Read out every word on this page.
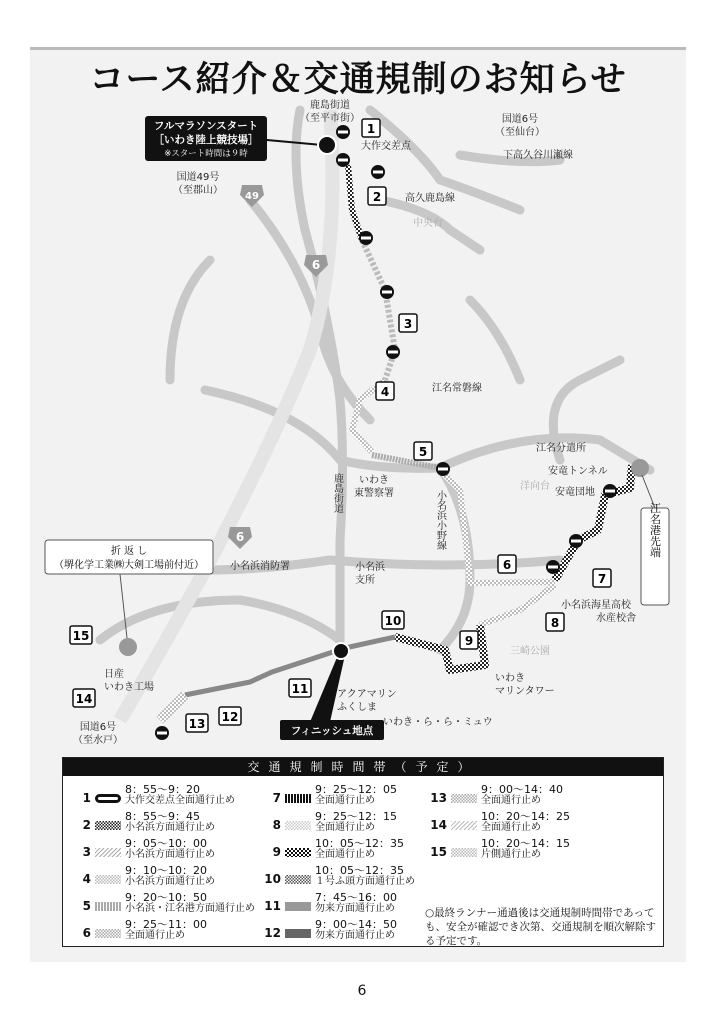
コース紹介＆交通規制のお知らせ
49
6
6
フルマラソンスタート
［いわき陸上競技場］
※スタート時間は９時
フィニッシュ地点
折 返 し
（堺化学工業㈱大剣工場前付近）
江名港先端
1
2
3
4
5
6
7
8
9
10
11
12
13
14
15
鹿島街道
（至平市街）	国道6号
（至仙台）
国道49号
（至郡山）
大作交差点
下高久谷川瀬線
高久鹿島線
中央台
江名常磐線
いわき
東警察署
鹿島街道	小名浜小野線
江名分遣所
安竜トンネル
安竜団地
洋向台
小名浜消防署	小名浜
支所
小名浜海星高校
水産校舎
三崎公園
いわき
マリンタワー
アクアマリン
ふくしま
いわき・ら・ら・ミュウ
日産
いわき工場
国道6号
（至水戸）
交通規制時間帯（予定）
1
8：55〜9：20
大作交差点全面通行止め
2
8：55〜9：45
小名浜方面通行止め
3
9：05〜10：00
小名浜方面通行止め
4
9：10〜10：20
小名浜方面通行止め
5
9：20〜10：50
小名浜・江名港方面通行止め
6
9：25〜11：00
全面通行止め
7
9：25〜12：05
全面通行止め
8
9：25〜12：15
全面通行止め
9
10：05〜12：35
全面通行止め
10
10：05〜12：35
１号ふ頭方面通行止め
11
7：45〜16：00
勿来方面通行止め
12
9：00〜14：50
勿来方面通行止め
13
9：00〜14：40
全面通行止め
14
10：20〜14：25
全面通行止め
15
10：20〜14：15
片側通行止め
○最終ランナー通過後は交通規制時間帯であっても、安全が確認でき次第、交通規制を順次解除する予定です。
6
